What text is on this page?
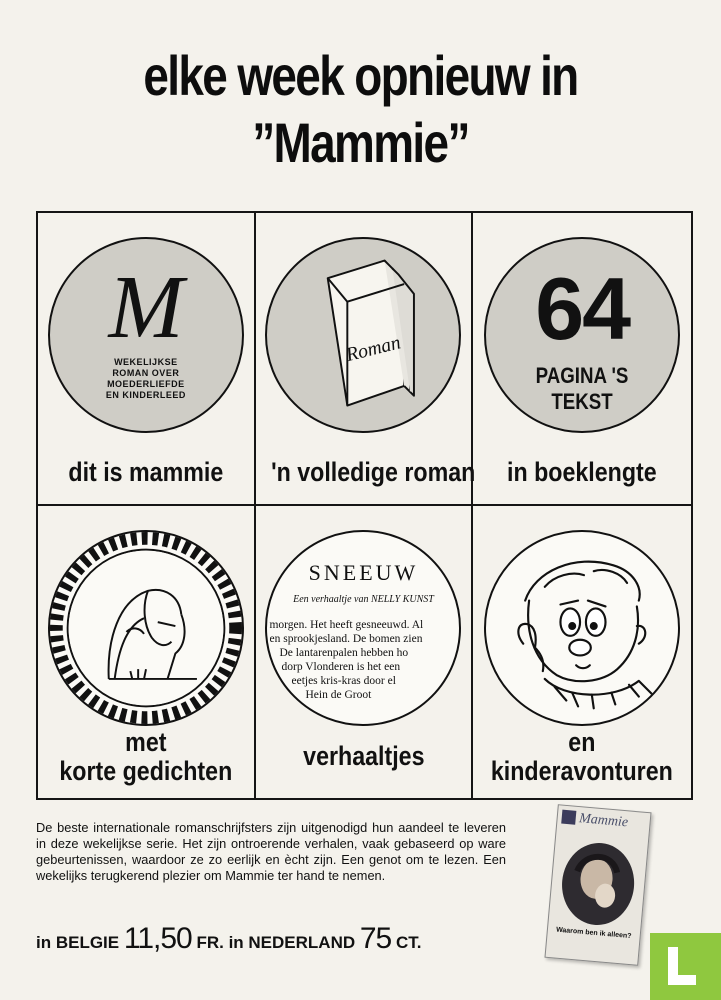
elke week opnieuw in
”Mammie”
M
WEKELIJKSE
ROMAN OVER
MOEDERLIEFDE
EN KINDERLEED
dit is mammie
Roman
'n volledige roman
64
PAGINA 'S
TEKST
in boeklengte
met
korte gedichten
SNEEUW
Een verhaaltje van NELLY KUNST
morgen. Het heeft gesneeuwd. Al
en sprookjesland. De bomen zien
De lantarenpalen hebben ho
dorp Vlonderen is het een
eetjes kris-kras door el
Hein de Groot
verhaaltjes	en
kinderavonturen
De beste internationale romanschrijfsters zijn uitgenodigd hun aandeel te leveren in deze wekelijkse serie. Het zijn ontroerende verhalen, vaak gebaseerd op ware gebeurtenissen, waardoor ze zo eerlijk en ècht zijn. Een genot om te lezen. Een wekelijks terugkerend plezier om Mammie ter hand te nemen.
in BELGIE 11,50 FR. in NEDERLAND 75 CT.
Mammie
Waarom ben ik alleen?
